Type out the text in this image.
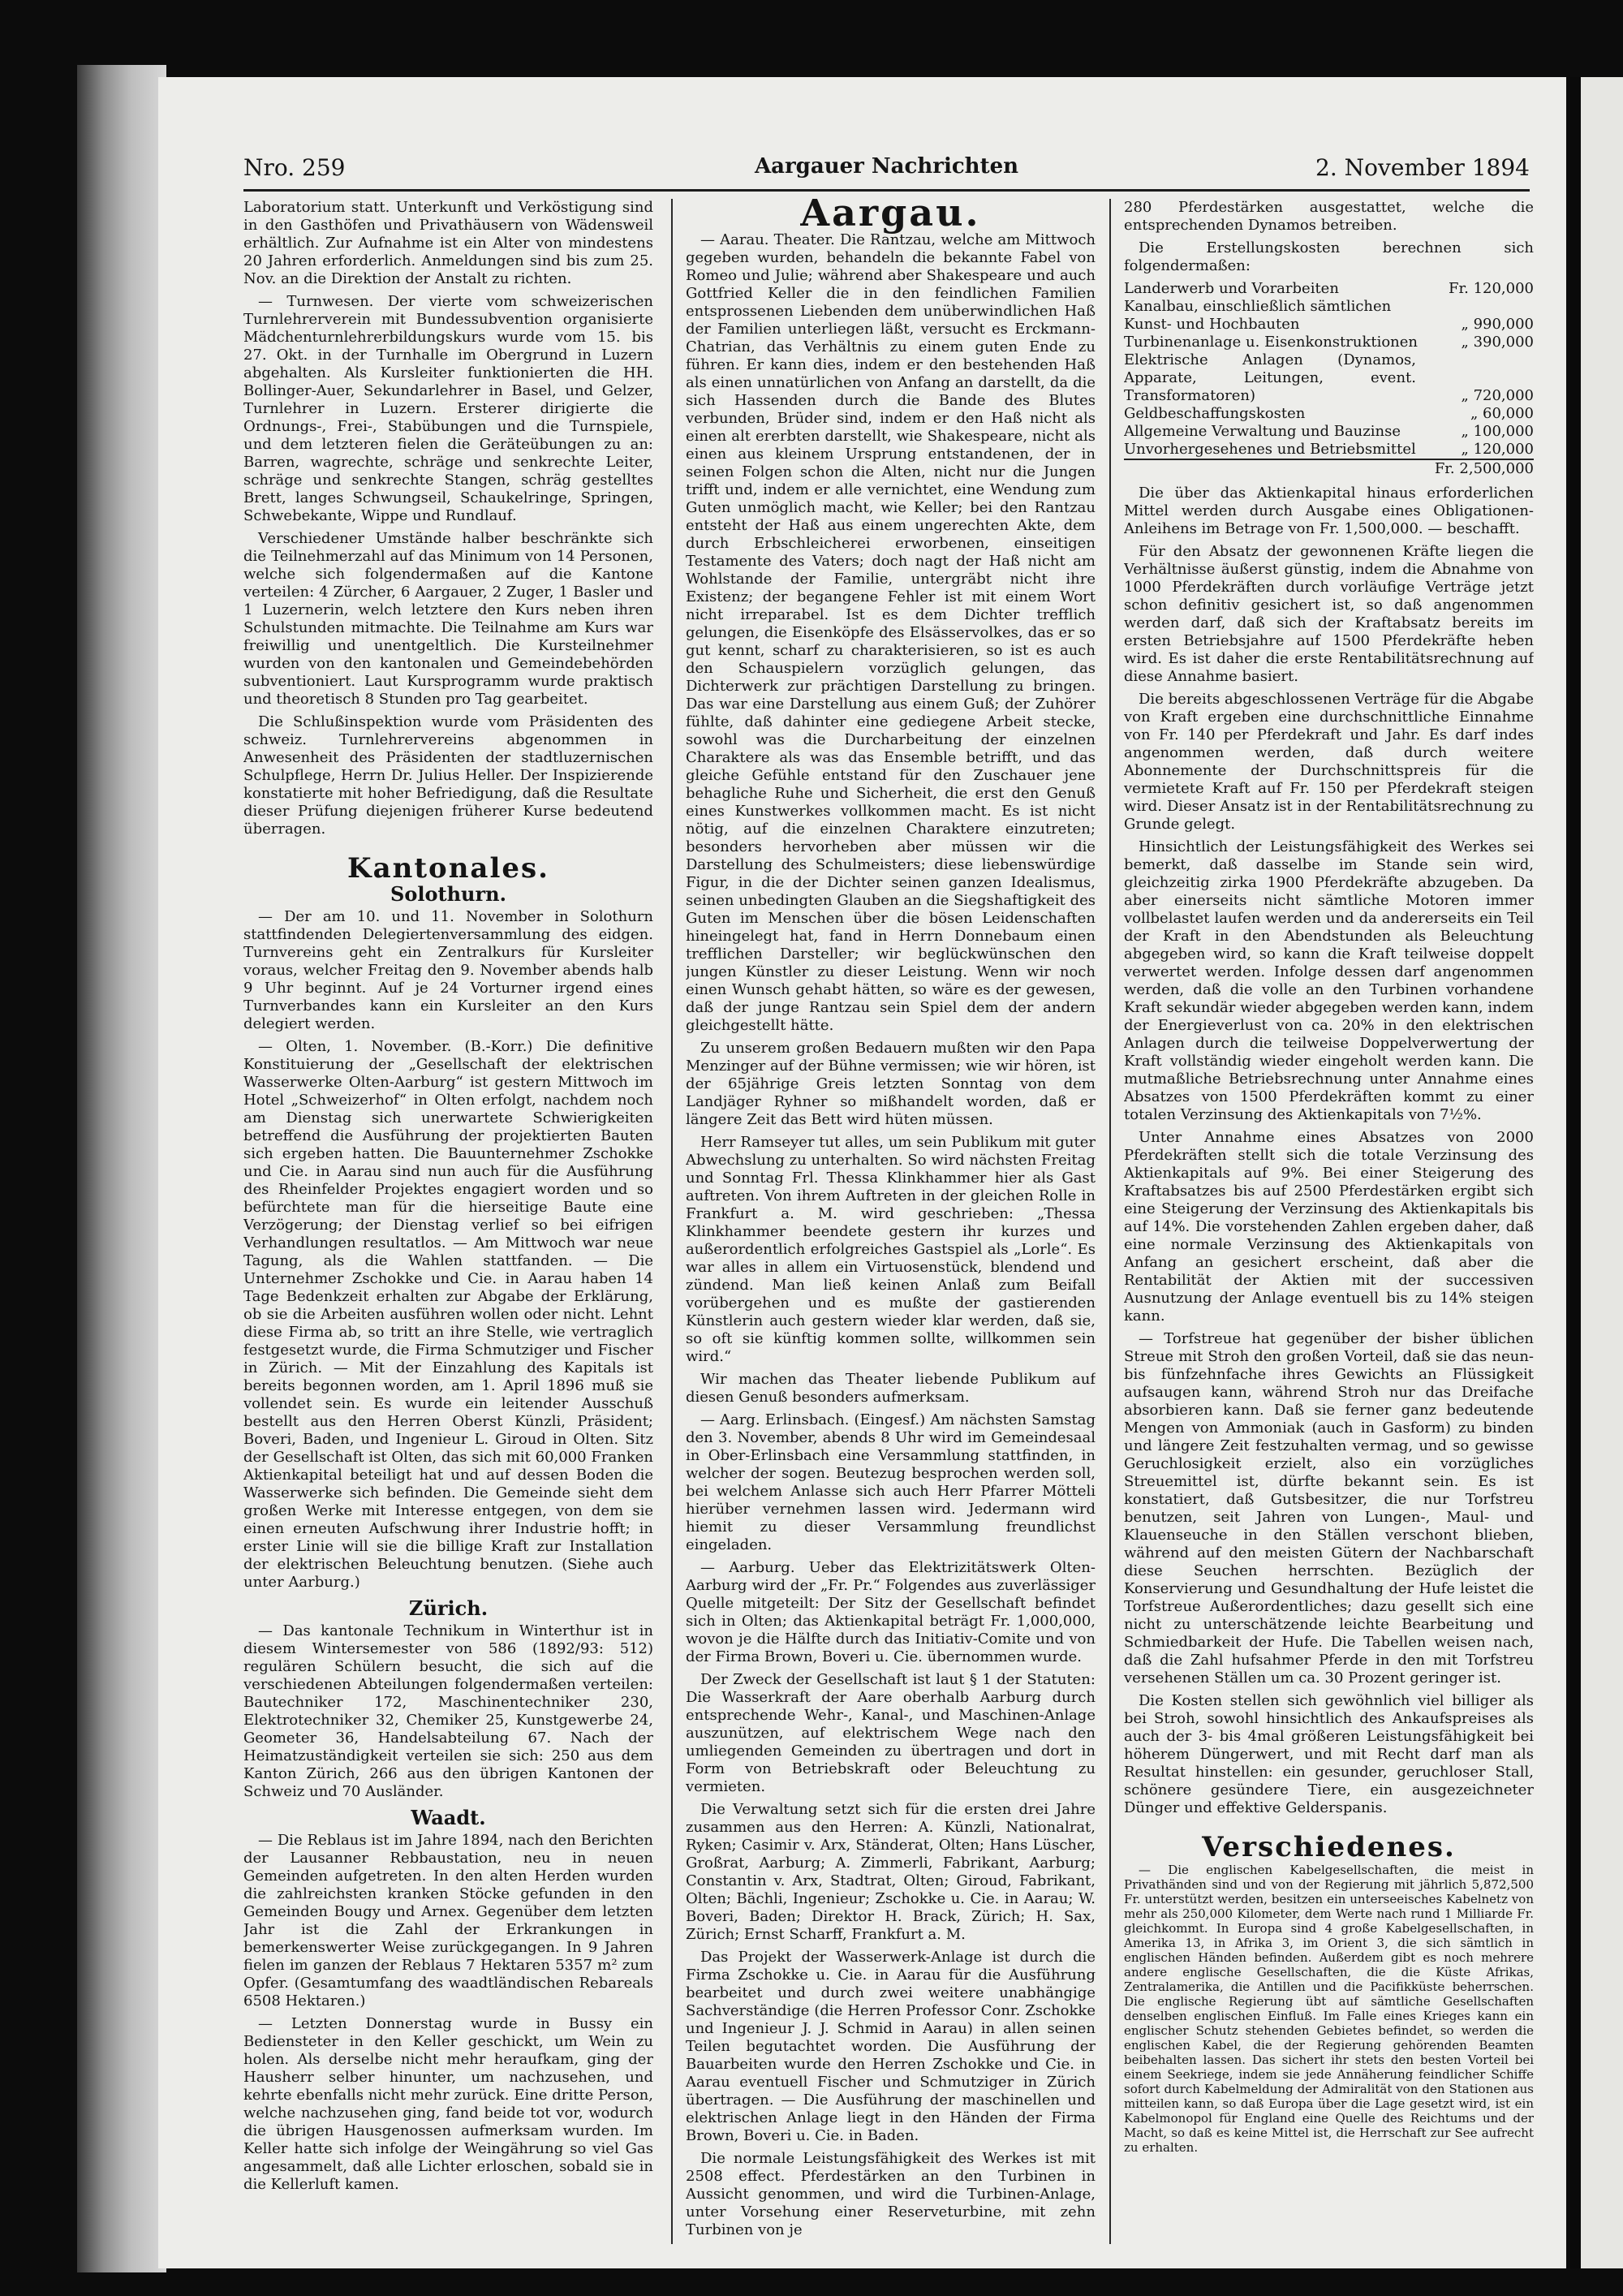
Nro. 259	Aargauer Nachrichten	2. November 1894

Laboratorium statt. Unterkunft und Verköstigung sind in den Gasthöfen und Privathäusern von Wädensweil erhältlich. Zur Aufnahme ist ein Alter von mindestens 20 Jahren erforderlich. Anmeldungen sind bis zum 25. Nov. an die Direktion der Anstalt zu richten.

— Turnwesen. Der vierte vom schweizerischen Turnlehrerverein mit Bundessubvention organisierte Mädchenturnlehrerbildungskurs wurde vom 15. bis 27. Okt. in der Turnhalle im Obergrund in Luzern abgehalten. Als Kursleiter funktionierten die HH. Bollinger-Auer, Sekundarlehrer in Basel, und Gelzer, Turnlehrer in Luzern. Ersterer dirigierte die Ordnungs-, Frei-, Stabübungen und die Turnspiele, und dem letzteren fielen die Geräteübungen zu an: Barren, wagrechte, schräge und senkrechte Leiter, schräge und senkrechte Stangen, schräg gestelltes Brett, langes Schwungseil, Schaukelringe, Springen, Schwebekante, Wippe und Rundlauf.

Verschiedener Umstände halber beschränkte sich die Teilnehmerzahl auf das Minimum von 14 Personen, welche sich folgendermaßen auf die Kantone verteilen: 4 Zürcher, 6 Aargauer, 2 Zuger, 1 Basler und 1 Luzernerin, welch letztere den Kurs neben ihren Schulstunden mitmachte. Die Teilnahme am Kurs war freiwillig und unentgeltlich. Die Kursteilnehmer wurden von den kantonalen und Gemeindebehörden subventioniert. Laut Kursprogramm wurde praktisch und theoretisch 8 Stunden pro Tag gearbeitet.

Die Schlußinspektion wurde vom Präsidenten des schweiz. Turnlehrervereins abgenommen in Anwesenheit des Präsidenten der stadtluzernischen Schulpflege, Herrn Dr. Julius Heller. Der Inspizierende konstatierte mit hoher Befriedigung, daß die Resultate dieser Prüfung diejenigen früherer Kurse bedeutend überragen.

Kantonales.
Solothurn.

— Der am 10. und 11. November in Solothurn stattfindenden Delegiertenversammlung des eidgen. Turnvereins geht ein Zentralkurs für Kursleiter voraus, welcher Freitag den 9. November abends halb 9 Uhr beginnt. Auf je 24 Vorturner irgend eines Turnverbandes kann ein Kursleiter an den Kurs delegiert werden.

— Olten, 1. November. (B.-Korr.) Die definitive Konstituierung der „Gesellschaft der elektrischen Wasserwerke Olten-Aarburg“ ist gestern Mittwoch im Hotel „Schweizerhof“ in Olten erfolgt, nachdem noch am Dienstag sich unerwartete Schwierigkeiten betreffend die Ausführung der projektierten Bauten sich ergeben hatten. Die Bauunternehmer Zschokke und Cie. in Aarau sind nun auch für die Ausführung des Rheinfelder Projektes engagiert worden und so befürchtete man für die hierseitige Baute eine Verzögerung; der Dienstag verlief so bei eifrigen Verhandlungen resultatlos. — Am Mittwoch war neue Tagung, als die Wahlen stattfanden. — Die Unternehmer Zschokke und Cie. in Aarau haben 14 Tage Bedenkzeit erhalten zur Abgabe der Erklärung, ob sie die Arbeiten ausführen wollen oder nicht. Lehnt diese Firma ab, so tritt an ihre Stelle, wie vertraglich festgesetzt wurde, die Firma Schmutziger und Fischer in Zürich. — Mit der Einzahlung des Kapitals ist bereits begonnen worden, am 1. April 1896 muß sie vollendet sein. Es wurde ein leitender Ausschuß bestellt aus den Herren Oberst Künzli, Präsident; Boveri, Baden, und Ingenieur L. Giroud in Olten. Sitz der Gesellschaft ist Olten, das sich mit 60,000 Franken Aktienkapital beteiligt hat und auf dessen Boden die Wasserwerke sich befinden. Die Gemeinde sieht dem großen Werke mit Interesse entgegen, von dem sie einen erneuten Aufschwung ihrer Industrie hofft; in erster Linie will sie die billige Kraft zur Installation der elektrischen Beleuchtung benutzen. (Siehe auch unter Aarburg.)

Zürich.

— Das kantonale Technikum in Winterthur ist in diesem Wintersemester von 586 (1892/93: 512) regulären Schülern besucht, die sich auf die verschiedenen Abteilungen folgendermaßen verteilen: Bautechniker 172, Maschinentechniker 230, Elektrotechniker 32, Chemiker 25, Kunstgewerbe 24, Geometer 36, Handelsabteilung 67. Nach der Heimatzuständigkeit verteilen sie sich: 250 aus dem Kanton Zürich, 266 aus den übrigen Kantonen der Schweiz und 70 Ausländer.

Waadt.

— Die Reblaus ist im Jahre 1894, nach den Berichten der Lausanner Rebbaustation, neu in neuen Gemeinden aufgetreten. In den alten Herden wurden die zahlreichsten kranken Stöcke gefunden in den Gemeinden Bougy und Arnex. Gegenüber dem letzten Jahr ist die Zahl der Erkrankungen in bemerkenswerter Weise zurückgegangen. In 9 Jahren fielen im ganzen der Reblaus 7 Hektaren 5357 m² zum Opfer. (Gesamtumfang des waadtländischen Rebareals 6508 Hektaren.)

— Letzten Donnerstag wurde in Bussy ein Bediensteter in den Keller geschickt, um Wein zu holen. Als derselbe nicht mehr heraufkam, ging der Hausherr selber hinunter, um nachzusehen, und kehrte ebenfalls nicht mehr zurück. Eine dritte Person, welche nachzusehen ging, fand beide tot vor, wodurch die übrigen Hausgenossen aufmerksam wurden. Im Keller hatte sich infolge der Weingährung so viel Gas angesammelt, daß alle Lichter erloschen, sobald sie in die Kellerluft kamen.

Aargau.

— Aarau. Theater. Die Rantzau, welche am Mittwoch gegeben wurden, behandeln die bekannte Fabel von Romeo und Julie; während aber Shakespeare und auch Gottfried Keller die in den feindlichen Familien entsprossenen Liebenden dem unüberwindlichen Haß der Familien unterliegen läßt, versucht es Erckmann-Chatrian, das Verhältnis zu einem guten Ende zu führen. Er kann dies, indem er den bestehenden Haß als einen unnatürlichen von Anfang an darstellt, da die sich Hassenden durch die Bande des Blutes verbunden, Brüder sind, indem er den Haß nicht als einen alt ererbten darstellt, wie Shakespeare, nicht als einen aus kleinem Ursprung entstandenen, der in seinen Folgen schon die Alten, nicht nur die Jungen trifft und, indem er alle vernichtet, eine Wendung zum Guten unmöglich macht, wie Keller; bei den Rantzau entsteht der Haß aus einem ungerechten Akte, dem durch Erbschleicherei erworbenen, einseitigen Testamente des Vaters; doch nagt der Haß nicht am Wohlstande der Familie, untergräbt nicht ihre Existenz; der begangene Fehler ist mit einem Wort nicht irreparabel. Ist es dem Dichter trefflich gelungen, die Eisenköpfe des Elsässervolkes, das er so gut kennt, scharf zu charakterisieren, so ist es auch den Schauspielern vorzüglich gelungen, das Dichterwerk zur prächtigen Darstellung zu bringen. Das war eine Darstellung aus einem Guß; der Zuhörer fühlte, daß dahinter eine gediegene Arbeit stecke, sowohl was die Durcharbeitung der einzelnen Charaktere als was das Ensemble betrifft, und das gleiche Gefühle entstand für den Zuschauer jene behagliche Ruhe und Sicherheit, die erst den Genuß eines Kunstwerkes vollkommen macht. Es ist nicht nötig, auf die einzelnen Charaktere einzutreten; besonders hervorheben aber müssen wir die Darstellung des Schulmeisters; diese liebenswürdige Figur, in die der Dichter seinen ganzen Idealismus, seinen unbedingten Glauben an die Siegshaftigkeit des Guten im Menschen über die bösen Leidenschaften hineingelegt hat, fand in Herrn Donnebaum einen trefflichen Darsteller; wir beglückwünschen den jungen Künstler zu dieser Leistung. Wenn wir noch einen Wunsch gehabt hätten, so wäre es der gewesen, daß der junge Rantzau sein Spiel dem der andern gleichgestellt hätte.

Zu unserem großen Bedauern mußten wir den Papa Menzinger auf der Bühne vermissen; wie wir hören, ist der 65jährige Greis letzten Sonntag von dem Landjäger Ryhner so mißhandelt worden, daß er längere Zeit das Bett wird hüten müssen.

Herr Ramseyer tut alles, um sein Publikum mit guter Abwechslung zu unterhalten. So wird nächsten Freitag und Sonntag Frl. Thessa Klinkhammer hier als Gast auftreten. Von ihrem Auftreten in der gleichen Rolle in Frankfurt a. M. wird geschrieben: „Thessa Klinkhammer beendete gestern ihr kurzes und außerordentlich erfolgreiches Gastspiel als „Lorle“. Es war alles in allem ein Virtuosenstück, blendend und zündend. Man ließ keinen Anlaß zum Beifall vorübergehen und es mußte der gastierenden Künstlerin auch gestern wieder klar werden, daß sie, so oft sie künftig kommen sollte, willkommen sein wird.“

Wir machen das Theater liebende Publikum auf diesen Genuß besonders aufmerksam.

— Aarg. Erlinsbach. (Eingesf.) Am nächsten Samstag den 3. November, abends 8 Uhr wird im Gemeindesaal in Ober-Erlinsbach eine Versammlung stattfinden, in welcher der sogen. Beutezug besprochen werden soll, bei welchem Anlasse sich auch Herr Pfarrer Mötteli hierüber vernehmen lassen wird. Jedermann wird hiemit zu dieser Versammlung freundlichst eingeladen.

— Aarburg. Ueber das Elektrizitätswerk Olten-Aarburg wird der „Fr. Pr.“ Folgendes aus zuverlässiger Quelle mitgeteilt: Der Sitz der Gesellschaft befindet sich in Olten; das Aktienkapital beträgt Fr. 1,000,000, wovon je die Hälfte durch das Initiativ-Comite und von der Firma Brown, Boveri u. Cie. übernommen wurde.

Der Zweck der Gesellschaft ist laut § 1 der Statuten: Die Wasserkraft der Aare oberhalb Aarburg durch entsprechende Wehr-, Kanal-, und Maschinen-Anlage auszunützen, auf elektrischem Wege nach den umliegenden Gemeinden zu übertragen und dort in Form von Betriebskraft oder Beleuchtung zu vermieten.

Die Verwaltung setzt sich für die ersten drei Jahre zusammen aus den Herren: A. Künzli, Nationalrat, Ryken; Casimir v. Arx, Ständerat, Olten; Hans Lüscher, Großrat, Aarburg; A. Zimmerli, Fabrikant, Aarburg; Constantin v. Arx, Stadtrat, Olten; Giroud, Fabrikant, Olten; Bächli, Ingenieur; Zschokke u. Cie. in Aarau; W. Boveri, Baden; Direktor H. Brack, Zürich; H. Sax, Zürich; Ernst Scharff, Frankfurt a. M.

Das Projekt der Wasserwerk-Anlage ist durch die Firma Zschokke u. Cie. in Aarau für die Ausführung bearbeitet und durch zwei weitere unabhängige Sachverständige (die Herren Professor Conr. Zschokke und Ingenieur J. J. Schmid in Aarau) in allen seinen Teilen begutachtet worden. Die Ausführung der Bauarbeiten wurde den Herren Zschokke und Cie. in Aarau eventuell Fischer und Schmutziger in Zürich übertragen. — Die Ausführung der maschinellen und elektrischen Anlage liegt in den Händen der Firma Brown, Boveri u. Cie. in Baden.

Die normale Leistungsfähigkeit des Werkes ist mit 2508 effect. Pferdestärken an den Turbinen in Aussicht genommen, und wird die Turbinen-Anlage, unter Vorsehung einer Reserveturbine, mit zehn Turbinen von je

280 Pferdestärken ausgestattet, welche die entsprechenden Dynamos betreiben.

Die Erstellungskosten berechnen sich folgendermaßen:

Landerwerb und Vorarbeiten	Fr. 120,000
Kanalbau, einschließlich sämtlichen
Kunst- und Hochbauten	„ 990,000
Turbinenanlage u. Eisenkonstruktionen	„ 390,000
Elektrische Anlagen (Dynamos, Apparate, Leitungen, event. Transformatoren)	„ 720,000
Geldbeschaffungskosten	„ 60,000
Allgemeine Verwaltung und Bauzinse	„ 100,000
Unvorhergesehenes und Betriebsmittel	„ 120,000
Fr. 2,500,000

Die über das Aktienkapital hinaus erforderlichen Mittel werden durch Ausgabe eines Obligationen-Anleihens im Betrage von Fr. 1,500,000. — beschafft.

Für den Absatz der gewonnenen Kräfte liegen die Verhältnisse äußerst günstig, indem die Abnahme von 1000 Pferdekräften durch vorläufige Verträge jetzt schon definitiv gesichert ist, so daß angenommen werden darf, daß sich der Kraftabsatz bereits im ersten Betriebsjahre auf 1500 Pferdekräfte heben wird. Es ist daher die erste Rentabilitätsrechnung auf diese Annahme basiert.

Die bereits abgeschlossenen Verträge für die Abgabe von Kraft ergeben eine durchschnittliche Einnahme von Fr. 140 per Pferdekraft und Jahr. Es darf indes angenommen werden, daß durch weitere Abonnemente der Durchschnittspreis für die vermietete Kraft auf Fr. 150 per Pferdekraft steigen wird. Dieser Ansatz ist in der Rentabilitätsrechnung zu Grunde gelegt.

Hinsichtlich der Leistungsfähigkeit des Werkes sei bemerkt, daß dasselbe im Stande sein wird, gleichzeitig zirka 1900 Pferdekräfte abzugeben. Da aber einerseits nicht sämtliche Motoren immer vollbelastet laufen werden und da andererseits ein Teil der Kraft in den Abendstunden als Beleuchtung abgegeben wird, so kann die Kraft teilweise doppelt verwertet werden. Infolge dessen darf angenommen werden, daß die volle an den Turbinen vorhandene Kraft sekundär wieder abgegeben werden kann, indem der Energieverlust von ca. 20% in den elektrischen Anlagen durch die teilweise Doppelverwertung der Kraft vollständig wieder eingeholt werden kann. Die mutmaßliche Betriebsrechnung unter Annahme eines Absatzes von 1500 Pferdekräften kommt zu einer totalen Verzinsung des Aktienkapitals von 7½%.

Unter Annahme eines Absatzes von 2000 Pferdekräften stellt sich die totale Verzinsung des Aktienkapitals auf 9%. Bei einer Steigerung des Kraftabsatzes bis auf 2500 Pferdestärken ergibt sich eine Steigerung der Verzinsung des Aktienkapitals bis auf 14%. Die vorstehenden Zahlen ergeben daher, daß eine normale Verzinsung des Aktienkapitals von Anfang an gesichert erscheint, daß aber die Rentabilität der Aktien mit der successiven Ausnutzung der Anlage eventuell bis zu 14% steigen kann.

— Torfstreue hat gegenüber der bisher üblichen Streue mit Stroh den großen Vorteil, daß sie das neun- bis fünfzehnfache ihres Gewichts an Flüssigkeit aufsaugen kann, während Stroh nur das Dreifache absorbieren kann. Daß sie ferner ganz bedeutende Mengen von Ammoniak (auch in Gasform) zu binden und längere Zeit festzuhalten vermag, und so gewisse Geruchlosigkeit erzielt, also ein vorzügliches Streuemittel ist, dürfte bekannt sein. Es ist konstatiert, daß Gutsbesitzer, die nur Torfstreu benutzen, seit Jahren von Lungen-, Maul- und Klauenseuche in den Ställen verschont blieben, während auf den meisten Gütern der Nachbarschaft diese Seuchen herrschten. Bezüglich der Konservierung und Gesundhaltung der Hufe leistet die Torfstreue Außerordentliches; dazu gesellt sich eine nicht zu unterschätzende leichte Bearbeitung und Schmiedbarkeit der Hufe. Die Tabellen weisen nach, daß die Zahl hufsahmer Pferde in den mit Torfstreu versehenen Ställen um ca. 30 Prozent geringer ist.

Die Kosten stellen sich gewöhnlich viel billiger als bei Stroh, sowohl hinsichtlich des Ankaufspreises als auch der 3- bis 4mal größeren Leistungsfähigkeit bei höherem Düngerwert, und mit Recht darf man als Resultat hinstellen: ein gesunder, geruchloser Stall, schönere gesündere Tiere, ein ausgezeichneter Dünger und effektive Gelderspanis.

Verschiedenes.

— Die englischen Kabelgesellschaften, die meist in Privathänden sind und von der Regierung mit jährlich 5,872,500 Fr. unterstützt werden, besitzen ein unterseeisches Kabelnetz von mehr als 250,000 Kilometer, dem Werte nach rund 1 Milliarde Fr. gleichkommt. In Europa sind 4 große Kabelgesellschaften, in Amerika 13, in Afrika 3, im Orient 3, die sich sämtlich in englischen Händen befinden. Außerdem gibt es noch mehrere andere englische Gesellschaften, die die Küste Afrikas, Zentralamerika, die Antillen und die Pacifikküste beherrschen. Die englische Regierung übt auf sämtliche Gesellschaften denselben englischen Einfluß. Im Falle eines Krieges kann ein englischer Schutz stehenden Gebietes befindet, so werden die englischen Kabel, die der Regierung gehörenden Beamten beibehalten lassen. Das sichert ihr stets den besten Vorteil bei einem Seekriege, indem sie jede Annäherung feindlicher Schiffe sofort durch Kabelmeldung der Admiralität von den Stationen aus mitteilen kann, so daß Europa über die Lage gesetzt wird, ist ein Kabelmonopol für England eine Quelle des Reichtums und der Macht, so daß es keine Mittel ist, die Herrschaft zur See aufrecht zu erhalten.
